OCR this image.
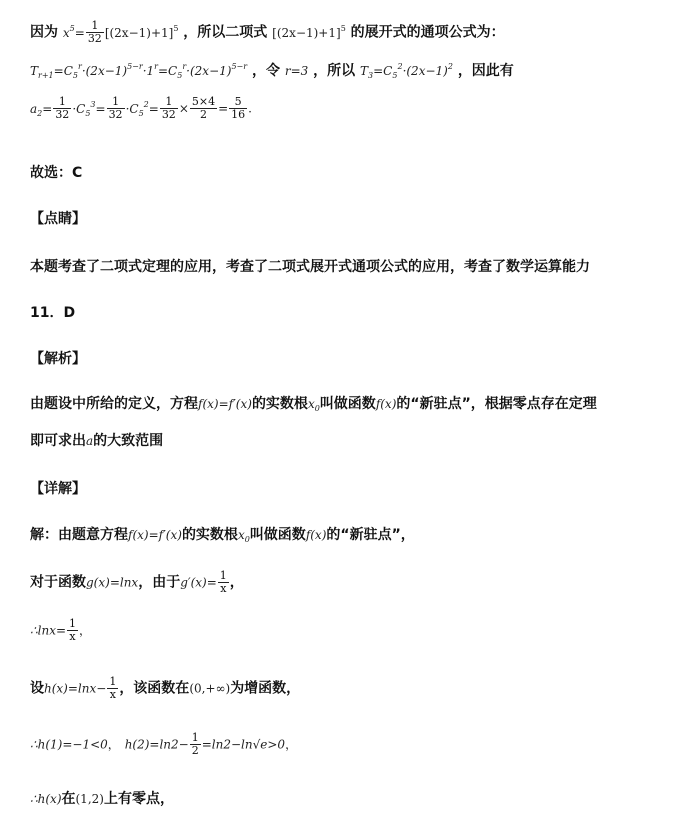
因为 $x^5= \frac{1}{32} [(2x-1)+1]^5$ ，所以二项式 $[(2x-1)+1]^5$ 的展开式的通项公式为：
$T_{r+1}=C_5^r\cdot(2x-1)^{5-r}\cdot 1^r=C_5^r\cdot(2x-1)^{5-r}$ ，令 r=3 ，所以 $T_3=C_5^2\cdot(2x-1)^2$ ，因此有
$a_2= \frac{1}{32} \cdot C_5^3= \frac{1}{32} \cdot C_5^2= \frac{1}{32} \times \frac{5\times 4}{2} = \frac{5}{16}$ .
故选：C
【点睛】
本题考查了二项式定理的应用，考查了二项式展开式通项公式的应用，考查了数学运算能力
11．D
【解析】
由题设中所给的定义，方程f(x)=f′(x)的实数根$x_0$叫做函数f(x)的“新驻点”，根据零点存在定理
即可求出a的大致范围
【详解】
解：由题意方程f(x)=f′(x)的实数根$x_0$叫做函数f(x)的“新驻点”，
对于函数g(x)=lnx，由于$g'(x)= \frac{1}{x}$ ，
∴lnx= $\frac{1}{x}$ ，
设$h(x)=\ln x- \frac{1}{x}$ ，该函数在(0,+∞)为增函数，
∴h(1)=−1<0， $h(2)=\ln 2- \frac{1}{2} =\ln 2-\ln√e>0$，
∴h(x)在(1,2)上有零点，
